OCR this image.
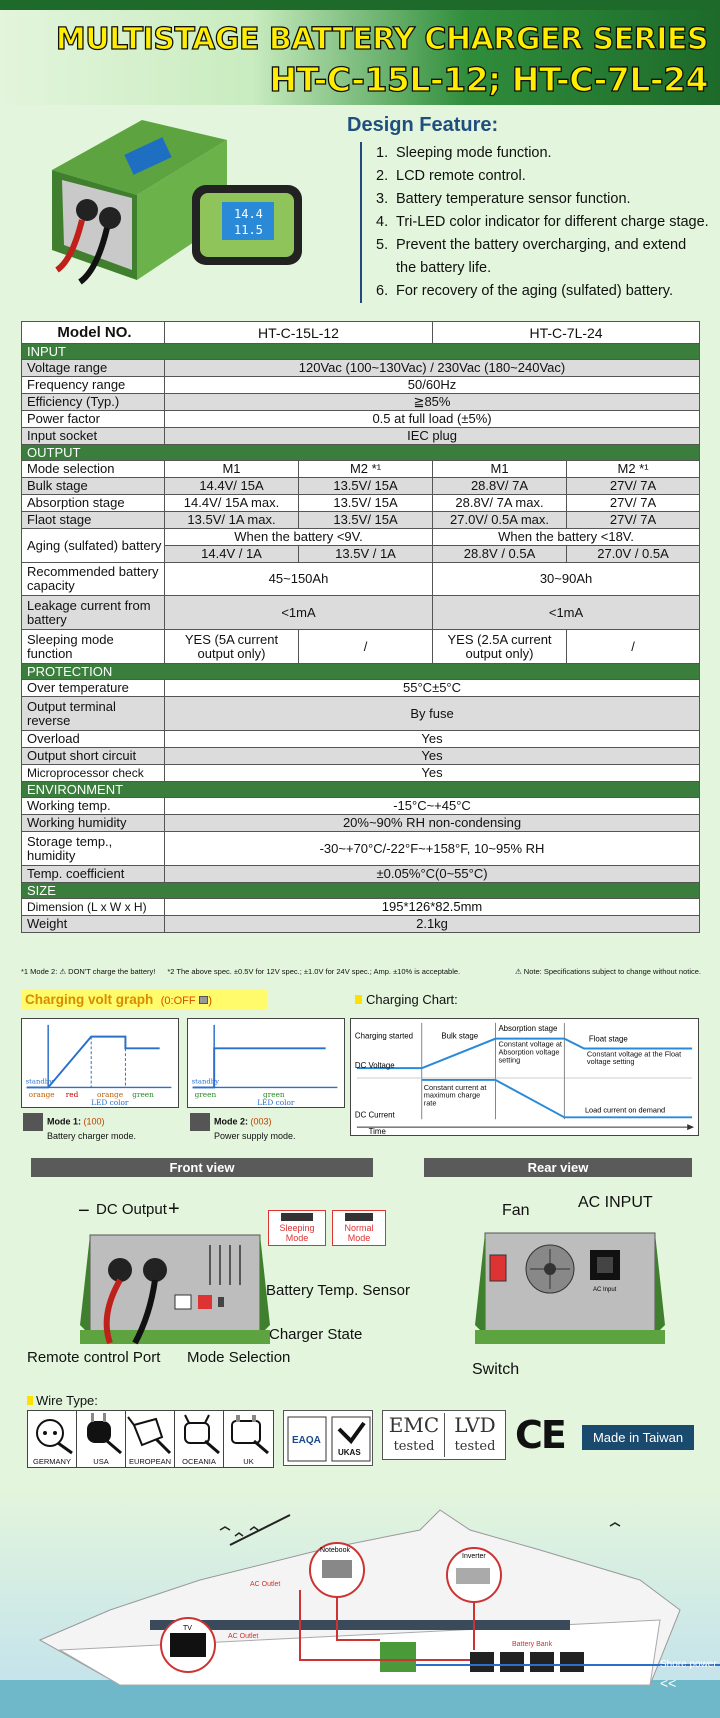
MULTISTAGE BATTERY CHARGER SERIES
HT-C-15L-12; HT-C-7L-24
14.4
11.5
Design Feature:
1. Sleeping mode function.
2. LCD remote control.
3. Battery temperature sensor function.
4. Tri-LED color indicator for different charge stage.
5. Prevent the battery overcharging, and extend
the battery life.
6. For recovery of the aging (sulfated) battery.
Model NO.	HT-C-15L-12		HT-C-7L-24	
INPUT				
Voltage range	120Vac (100~130Vac) / 230Vac (180~240Vac)			
Frequency range	50/60Hz			
Efficiency (Typ.)	≧85%			
Power factor	0.5 at full load (±5%)			
Input socket	IEC plug			
OUTPUT				
Mode selection	M1	M2 *¹	M1	M2 *¹
Bulk stage	14.4V/ 15A	13.5V/ 15A	28.8V/ 7A	27V/ 7A
Absorption stage	14.4V/ 15A max.	13.5V/ 15A	28.8V/ 7A max.	27V/ 7A
Flaot stage	13.5V/ 1A max.	13.5V/ 15A	27.0V/ 0.5A max.	27V/ 7A
Aging (sulfated) battery	When the battery <9V.		When the battery <18V.	
	14.4V / 1A	13.5V / 1A	28.8V / 0.5A	27.0V / 0.5A
Recommended battery capacity	45~150Ah		30~90Ah	
Leakage current from battery	<1mA		<1mA	
Sleeping mode function	YES (5A current output only)	/	YES (2.5A current output only)	/
PROTECTION				
Over temperature	55°C±5°C			
Output terminal reverse	By fuse			
Overload	Yes			
Output short circuit	Yes			
Microprocessor check	Yes			
ENVIRONMENT				
Working temp.	-15°C~+45°C			
Working humidity	20%~90% RH non-condensing			
Storage temp., humidity	-30~+70°C/-22°F~+158°F, 10~95% RH			
Temp. coefficient	±0.05%°C(0~55°C)			
SIZE				
Dimension (L x W x H)	195*126*82.5mm			
Weight	2.1kg			
*1 Mode 2: ⚠ DON'T charge the battery! *2 The above spec. ±0.5V for 12V spec.; ±1.0V for 24V spec.; Amp. ±10% is acceptable.	⚠ Note: Specifications subject to change without notice.
Charging volt graph (0:OFF )	Charging Chart:
standby
orange red	orange green
LED color
Mode 1: (100)
Battery charger mode.
standby
green	green
LED color
Mode 2: (003)
Power supply mode.
Charging started	Bulk stage
Absorption stage
Float stage
DC Voltage
Constant voltage at Absorption voltage setting
Constant voltage at the Float voltage setting
DC Current
Constant current at maximum charge rate
Load current on demand
Time
Front view	Rear view
− DC Output +
Sleeping Mode
Normal Mode
Battery Temp. Sensor
Charger State
Remote control Port Mode Selection
Fan	AC INPUT
AC Input
Switch
Wire Type:
GERMANY	USA	EUROPEAN	OCEANIA	UK
EAQA
UKAS
EMC
tested
LVD
tested CE	Made in Taiwan
Notebook
Inverter
TV
AC Outlet
AC Outlet
Battery Bank
Shore power
<<
